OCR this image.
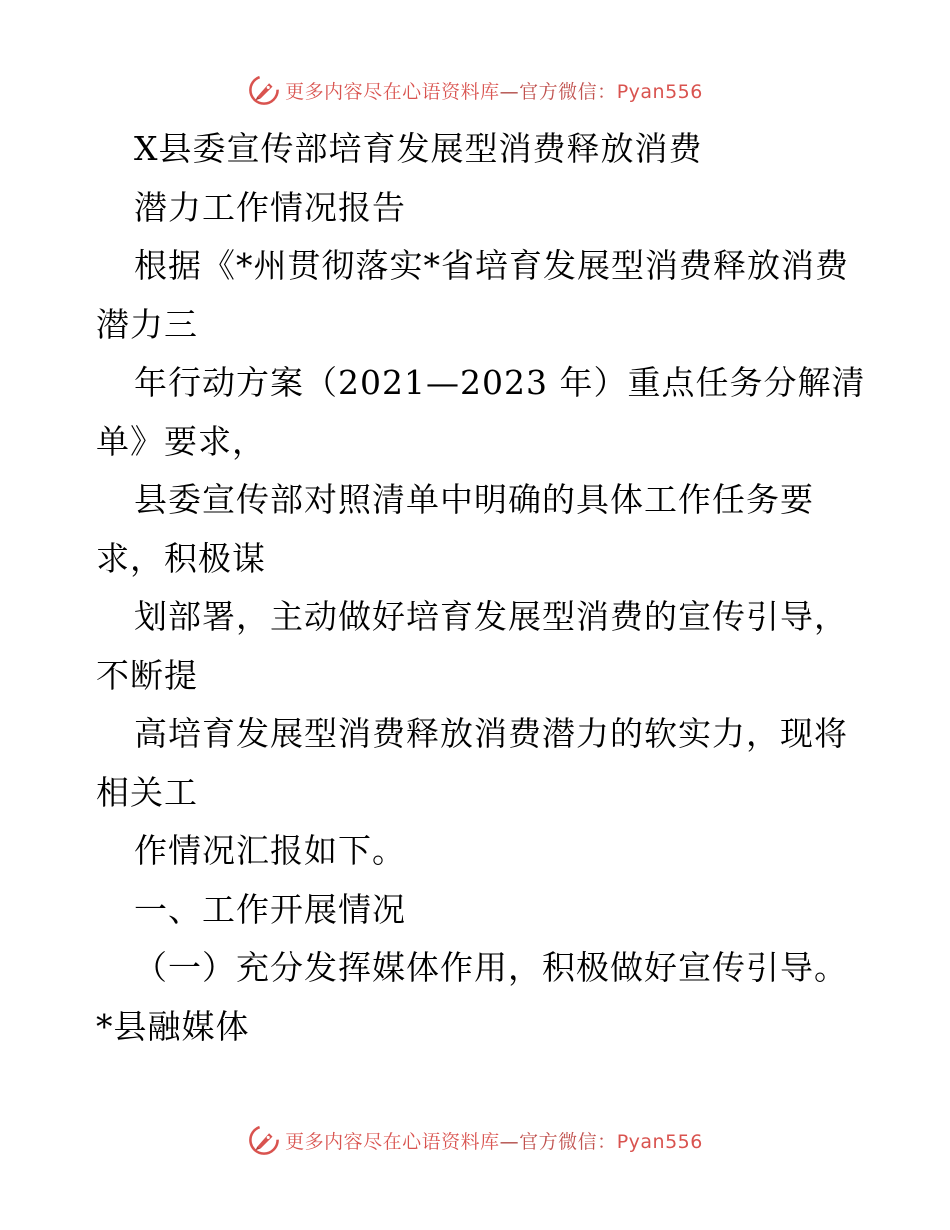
更多内容尽在心语资料库—官方微信：Pyan556
X县委宣传部培育发展型消费释放消费
潜力工作情况报告
根据《*州贯彻落实*省培育发展型消费释放消费
潜力三
年行动方案（2021—2023 年）重点任务分解清
单》要求，
县委宣传部对照清单中明确的具体工作任务要
求，积极谋
划部署，主动做好培育发展型消费的宣传引导，
不断提
高培育发展型消费释放消费潜力的软实力，现将
相关工
作情况汇报如下。
一、工作开展情况
（一）充分发挥媒体作用，积极做好宣传引导。
*县融媒体
更多内容尽在心语资料库—官方微信：Pyan556
